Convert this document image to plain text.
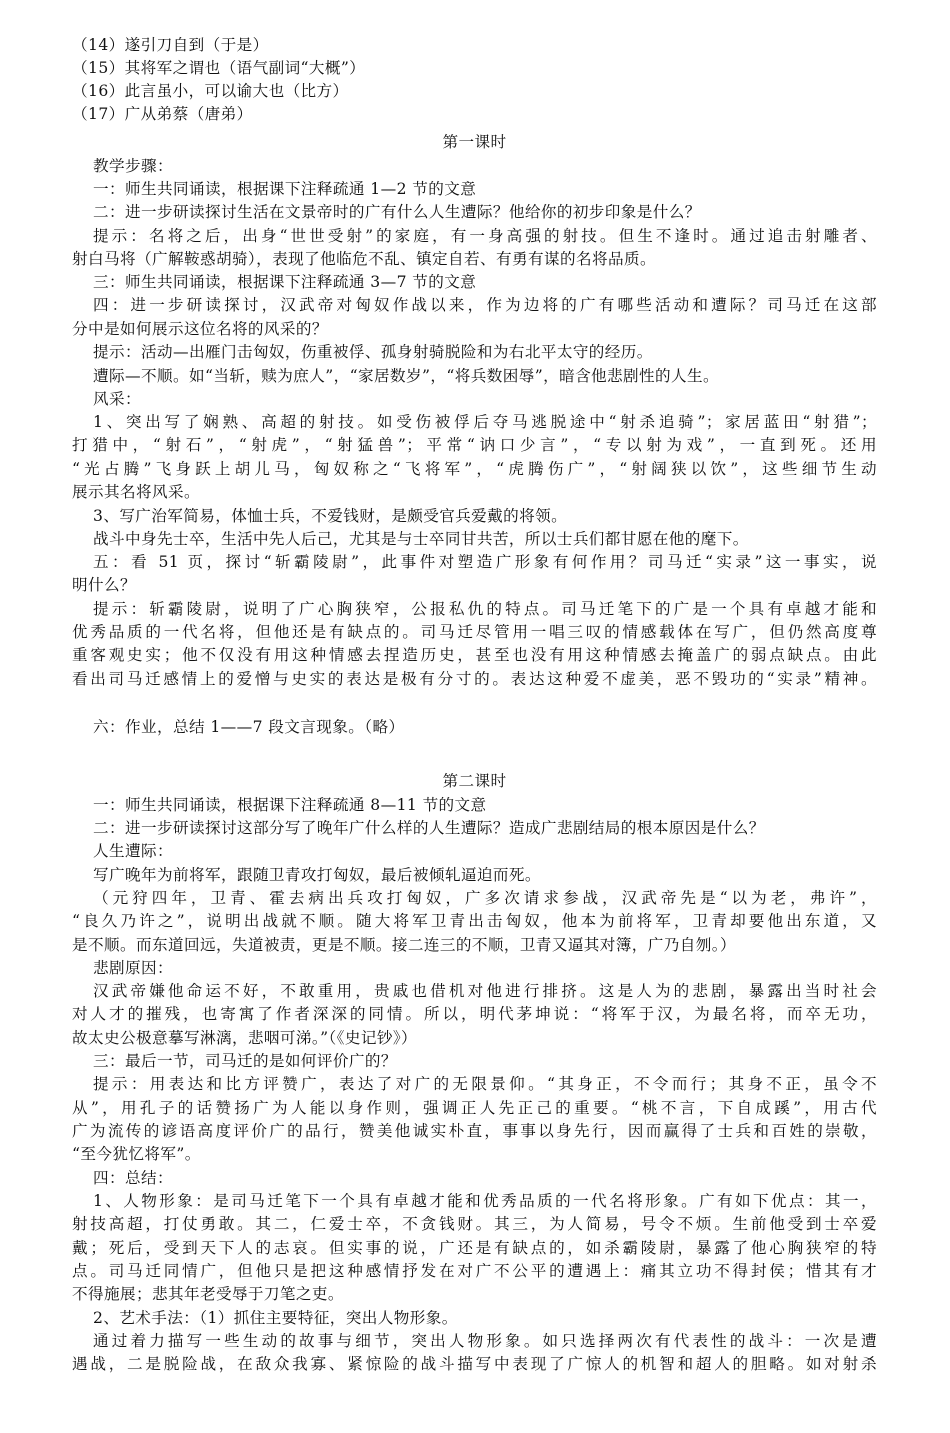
（14）遂引刀自到（于是）
（15）其将军之谓也（语气副词“大概”）
（16）此言虽小，可以谕大也（比方）
（17）广从弟蔡（唐弟）
第一课时
教学步骤：
一：师生共同诵读，根据课下注释疏通 1—2 节的文意
二：进一步研读探讨生活在文景帝时的广有什么人生遭际？他给你的初步印象是什么？
提示：名将之后，出身“世世受射”的家庭，有一身高强的射技。但生不逢时。通过追击射雕者、
射白马将（广解鞍惑胡骑），表现了他临危不乱、镇定自若、有勇有谋的名将品质。
三：师生共同诵读，根据课下注释疏通 3—7 节的文意
四：进一步研读探讨，汉武帝对匈奴作战以来，作为边将的广有哪些活动和遭际？司马迁在这部
分中是如何展示这位名将的风采的？
提示：活动—出雁门击匈奴，伤重被俘、孤身射骑脱险和为右北平太守的经历。
遭际—不顺。如“当斩，赎为庶人”，“家居数岁”，“将兵数困辱”，暗含他悲剧性的人生。
风采：
1、突出写了娴熟、高超的射技。如受伤被俘后夺马逃脱途中“射杀追骑”；家居蓝田“射猎”；
打猎中，“射石”，“射虎”，“射猛兽”；平常“讷口少言”，“专以射为戏”，一直到死。还用
“光占腾”飞身跃上胡儿马，匈奴称之“飞将军”，“虎腾伤广”，“射阔狭以饮”，这些细节生动
展示其名将风采。
3、写广治军简易，体恤士兵，不爱钱财，是颇受官兵爱戴的将领。
战斗中身先士卒，生活中先人后己，尤其是与士卒同甘共苦，所以士兵们都甘愿在他的麾下。
五：看 51 页，探讨“斩霸陵尉”，此事件对塑造广形象有何作用？司马迁“实录”这一事实，说
明什么？
提示：斩霸陵尉，说明了广心胸狭窄，公报私仇的特点。司马迁笔下的广是一个具有卓越才能和
优秀品质的一代名将，但他还是有缺点的。司马迁尽管用一唱三叹的情感载体在写广，但仍然高度尊
重客观史实；他不仅没有用这种情感去捏造历史，甚至也没有用这种情感去掩盖广的弱点缺点。由此
看出司马迁感情上的爱憎与史实的表达是极有分寸的。表达这种爱不虚美，恶不毁功的“实录”精神。
六：作业，总结 1——7 段文言现象。（略）
第二课时
一：师生共同诵读，根据课下注释疏通 8—11 节的文意
二：进一步研读探讨这部分写了晚年广什么样的人生遭际？造成广悲剧结局的根本原因是什么？
人生遭际：
写广晚年为前将军，跟随卫青攻打匈奴，最后被倾轧逼迫而死。
（元狩四年，卫青、霍去病出兵攻打匈奴，广多次请求参战，汉武帝先是“以为老，弗许”，
“良久乃许之”，说明出战就不顺。随大将军卫青出击匈奴，他本为前将军，卫青却要他出东道，又
是不顺。而东道回远，失道被责，更是不顺。接二连三的不顺，卫青又逼其对簿，广乃自刎。）
悲剧原因：
汉武帝嫌他命运不好，不敢重用，贵戚也借机对他进行排挤。这是人为的悲剧，暴露出当时社会
对人才的摧残，也寄寓了作者深深的同情。所以，明代茅坤说：“将军于汉，为最名将，而卒无功，
故太史公极意摹写淋漓，悲咽可涕。”（《史记钞》）
三：最后一节，司马迁的是如何评价广的？
提示：用表达和比方评赞广，表达了对广的无限景仰。“其身正，不令而行；其身不正，虽令不
从”，用孔子的话赞扬广为人能以身作则，强调正人先正己的重要。“桃不言，下自成蹊”，用古代
广为流传的谚语高度评价广的品行，赞美他诚实朴直，事事以身先行，因而赢得了士兵和百姓的崇敬，
“至今犹忆将军”。
四：总结：
1、人物形象：是司马迁笔下一个具有卓越才能和优秀品质的一代名将形象。广有如下优点：其一，
射技高超，打仗勇敢。其二，仁爱士卒，不贪钱财。其三，为人简易，号令不烦。生前他受到士卒爱
戴；死后，受到天下人的志哀。但实事的说，广还是有缺点的，如杀霸陵尉，暴露了他心胸狭窄的特
点。司马迁同情广，但他只是把这种感情抒发在对广不公平的遭遇上：痛其立功不得封侯；惜其有才
不得施展；悲其年老受辱于刀笔之吏。
2、艺术手法：（1）抓住主要特征，突出人物形象。
通过着力描写一些生动的故事与细节，突出人物形象。如只选择两次有代表性的战斗：一次是遭
遇战，二是脱险战，在敌众我寡、紧惊险的战斗描写中表现了广惊人的机智和超人的胆略。如对射杀
